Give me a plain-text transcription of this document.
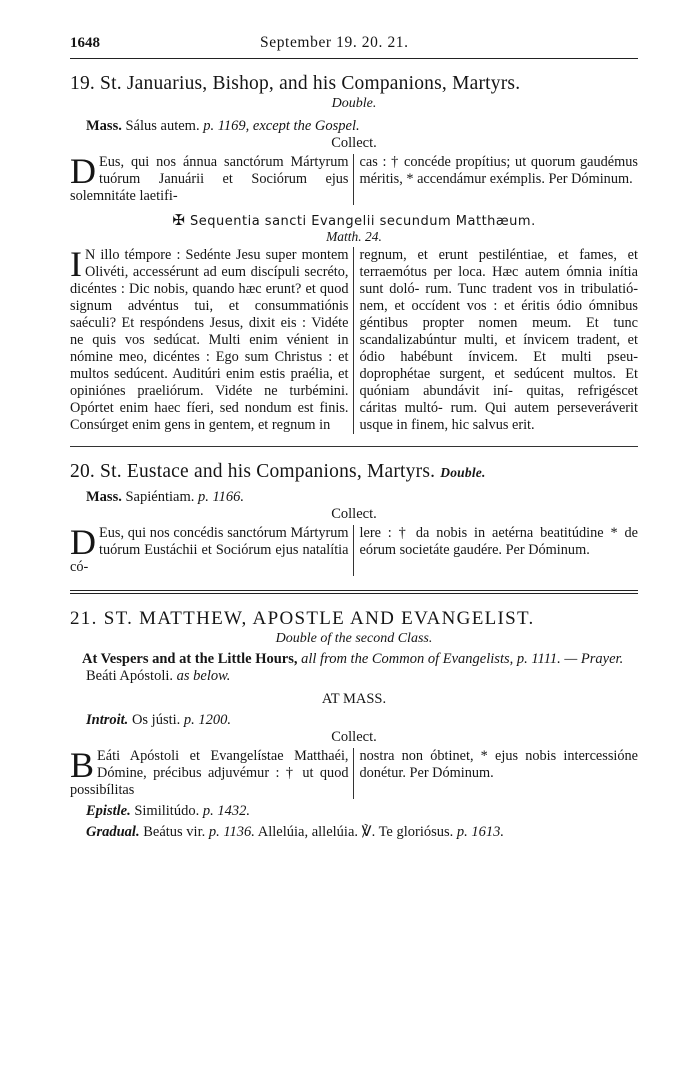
1648	September 19. 20. 21.
19. St. Januarius, Bishop, and his Companions, Martyrs.
Double.
Mass. Sálus autem. p. 1169, except the Gospel.
Collect.
D Eus, qui nos ánnua sanctórum Mártyrum tuórum Januárii et Sociórum ejus solemnitáte laetifi-
cas : † concéde propítius; ut quorum gaudémus méritis, * accendámur exémplis. Per Dóminum.
✠ Sequentia sancti Evangelii secundum Matthæum.
Matth. 24.
I N illo témpore : Sedénte Jesu super montem Olivéti, accessérunt ad eum discípuli secréto, dicéntes : Dic nobis, quando hæc erunt? et quod signum advéntus tui, et consummatiónis saéculi? Et respóndens Jesus, dixit eis : Vidéte ne quis vos sedúcat. Multi enim vénient in nómine meo, dicéntes : Ego sum Christus : et multos sedúcent. Auditúri enim estis praélia, et opiniónes praeliórum. Vidéte ne turbémini. Opórtet enim haec fíeri, sed nondum est finis. Consúrget enim gens in gentem, et regnum in
regnum, et erunt pestiléntiae, et fames, et terraemótus per loca. Hæc autem ómnia inítia sunt doló- rum. Tunc tradent vos in tribulatió- nem, et occídent vos : et éritis ódio ómnibus géntibus propter nomen meum. Et tunc scandalizabúntur multi, et ínvicem tradent, et ódio habébunt ínvicem. Et multi pseu- doprophétae surgent, et sedúcent multos. Et quóniam abundávit iní- quitas, refrigéscet cáritas multó- rum. Qui autem perseveráverit usque in finem, hic salvus erit.
20. St. Eustace and his Companions, Martyrs. Double.
Mass. Sapiéntiam. p. 1166.
Collect.
D Eus, qui nos concédis sanctórum Mártyrum tuórum Eustáchii et Sociórum ejus natalítia có-
lere : † da nobis in aetérna beatitúdine * de eórum societáte gaudére. Per Dóminum.
21. ST. MATTHEW, APOSTLE AND EVANGELIST.
Double of the second Class.
At Vespers and at the Little Hours, all from the Common of Evangelists, p. 1111. — Prayer. Beáti Apóstoli. as below.
AT MASS.
Introit. Os jústi. p. 1200.
Collect.
B Eáti Apóstoli et Evangelístae Matthaéi, Dómine, précibus adjuvémur : † ut quod possibílitas
nostra non óbtinet, * ejus nobis intercessióne donétur. Per Dóminum.
Epistle. Similitúdo. p. 1432.
Gradual. Beátus vir. p. 1136. Allelúia, allelúia. ℣. Te gloriósus. p. 1613.
